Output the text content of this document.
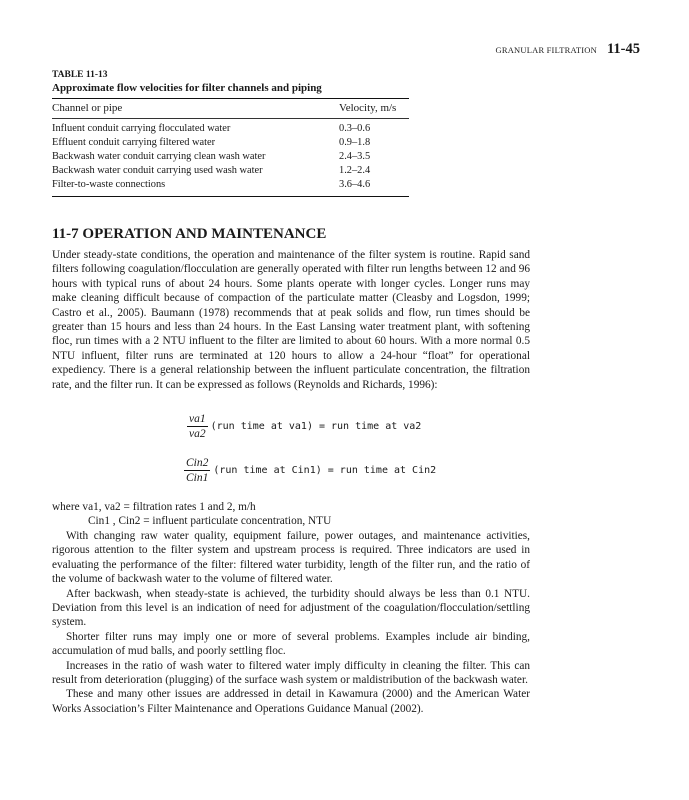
GRANULAR FILTRATION 11-45
TABLE 11-13
Approximate flow velocities for filter channels and piping
Channel or pipe	Velocity, m/s
Influent conduit carrying flocculated water	0.3–0.6
Effluent conduit carrying filtered water	0.9–1.8
Backwash water conduit carrying clean wash water	2.4–3.5
Backwash water conduit carrying used wash water	1.2–2.4
Filter-to-waste connections	3.6–4.6
11-7 OPERATION AND MAINTENANCE

Under steady-state conditions, the operation and maintenance of the filter system is routine. Rapid sand filters following coagulation/flocculation are generally operated with filter run lengths between 12 and 96 hours with typical runs of about 24 hours. Some plants operate with longer cycles. Longer runs may make cleaning difficult because of compaction of the particulate matter (Cleasby and Logsdon, 1999; Castro et al., 2005). Baumann (1978) recommends that at peak solids and flow, run times should be greater than 15 hours and less than 24 hours. In the East Lansing water treatment plant, with softening floc, run times with a 2 NTU influent to the filter are limited to about 60 hours. With a more normal 0.5 NTU influent, filter runs are terminated at 120 hours to allow a 24-hour “float” for operational expediency. There is a general relationship between the influent particulate concentration, the filtration rate, and the filter run. It can be expressed as follows (Reynolds and Richards, 1996):

$\frac{va1}{va2} (run$ time at va1) = run time at va2
$\frac{\text{Cin2}}{\text{Cin1}} (run$ time at Cin1) = run time at Cin2
where va1, va2 = filtration rates 1 and 2, m/h
Cin1 , Cin2 = influent particulate concentration, NTU

With changing raw water quality, equipment failure, power outages, and maintenance activities, rigorous attention to the filter system and upstream process is required. Three indicators are used in evaluating the performance of the filter: filtered water turbidity, length of the filter run, and the ratio of the volume of backwash water to the volume of filtered water.

After backwash, when steady-state is achieved, the turbidity should always be less than 0.1 NTU. Deviation from this level is an indication of need for adjustment of the coagulation/flocculation/settling system.

Shorter filter runs may imply one or more of several problems. Examples include air binding, accumulation of mud balls, and poorly settling floc.

Increases in the ratio of wash water to filtered water imply difficulty in cleaning the filter. This can result from deterioration (plugging) of the surface wash system or maldistribution of the backwash water.

These and many other issues are addressed in detail in Kawamura (2000) and the American Water Works Association’s Filter Maintenance and Operations Guidance Manual (2002).
